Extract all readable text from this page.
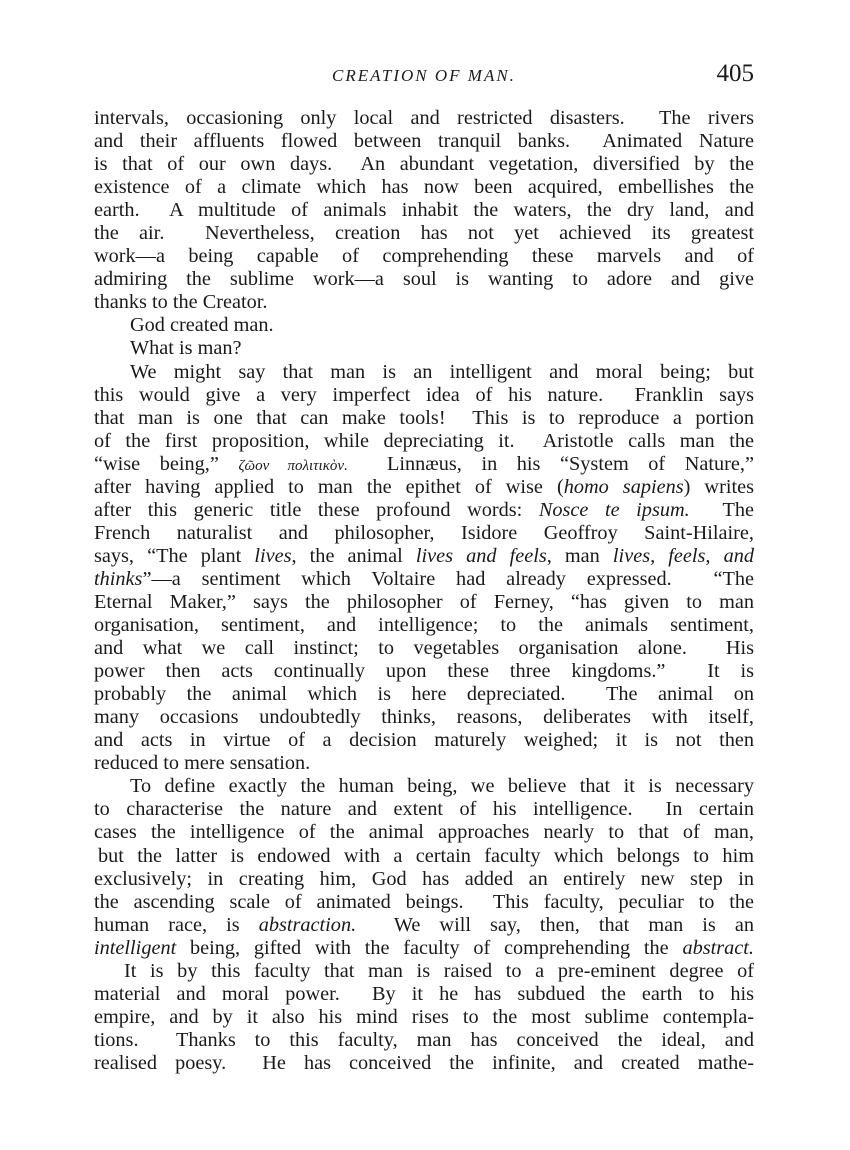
CREATION OF MAN.	405
intervals, occasioning only local and restricted disasters.  The rivers
and their affluents flowed between tranquil banks.  Animated Nature
is that of our own days.  An abundant vegetation, diversified by the
existence of a climate which has now been acquired, embellishes the
earth.  A multitude of animals inhabit the waters, the dry land, and
the air.  Nevertheless, creation has not yet achieved its greatest
work—a being capable of comprehending these marvels and of
admiring the sublime work—a soul is wanting to adore and give
thanks to the Creator.
God created man.
What is man?
We might say that man is an intelligent and moral being; but
this would give a very imperfect idea of his nature.  Franklin says
that man is one that can make tools!  This is to reproduce a portion
of the first proposition, while depreciating it.  Aristotle calls man the
“wise being,” ζῶον πολιτικὸν.  Linnæus, in his “System of Nature,”
after having applied to man the epithet of wise (homo sapiens) writes
after this generic title these profound words: Nosce te ipsum.  The
French naturalist and philosopher, Isidore Geoffroy Saint-Hilaire,
says, “The plant lives, the animal lives and feels, man lives, feels, and
thinks”—a sentiment which Voltaire had already expressed.  “The
Eternal Maker,” says the philosopher of Ferney, “has given to man
organisation, sentiment, and intelligence; to the animals sentiment,
and what we call instinct; to vegetables organisation alone.  His
power then acts continually upon these three kingdoms.”  It is
probably the animal which is here depreciated.  The animal on
many occasions undoubtedly thinks, reasons, deliberates with itself,
and acts in virtue of a decision maturely weighed; it is not then
reduced to mere sensation.
To define exactly the human being, we believe that it is necessary
to characterise the nature and extent of his intelligence.  In certain
cases the intelligence of the animal approaches nearly to that of man,
but the latter is endowed with a certain faculty which belongs to him
exclusively; in creating him, God has added an entirely new step in
the ascending scale of animated beings.  This faculty, peculiar to the
human race, is abstraction.  We will say, then, that man is an
intelligent being, gifted with the faculty of comprehending the abstract.
It is by this faculty that man is raised to a pre-eminent degree of
material and moral power.  By it he has subdued the earth to his
empire, and by it also his mind rises to the most sublime contempla-
tions.  Thanks to this faculty, man has conceived the ideal, and
realised poesy.  He has conceived the infinite, and created mathe-
